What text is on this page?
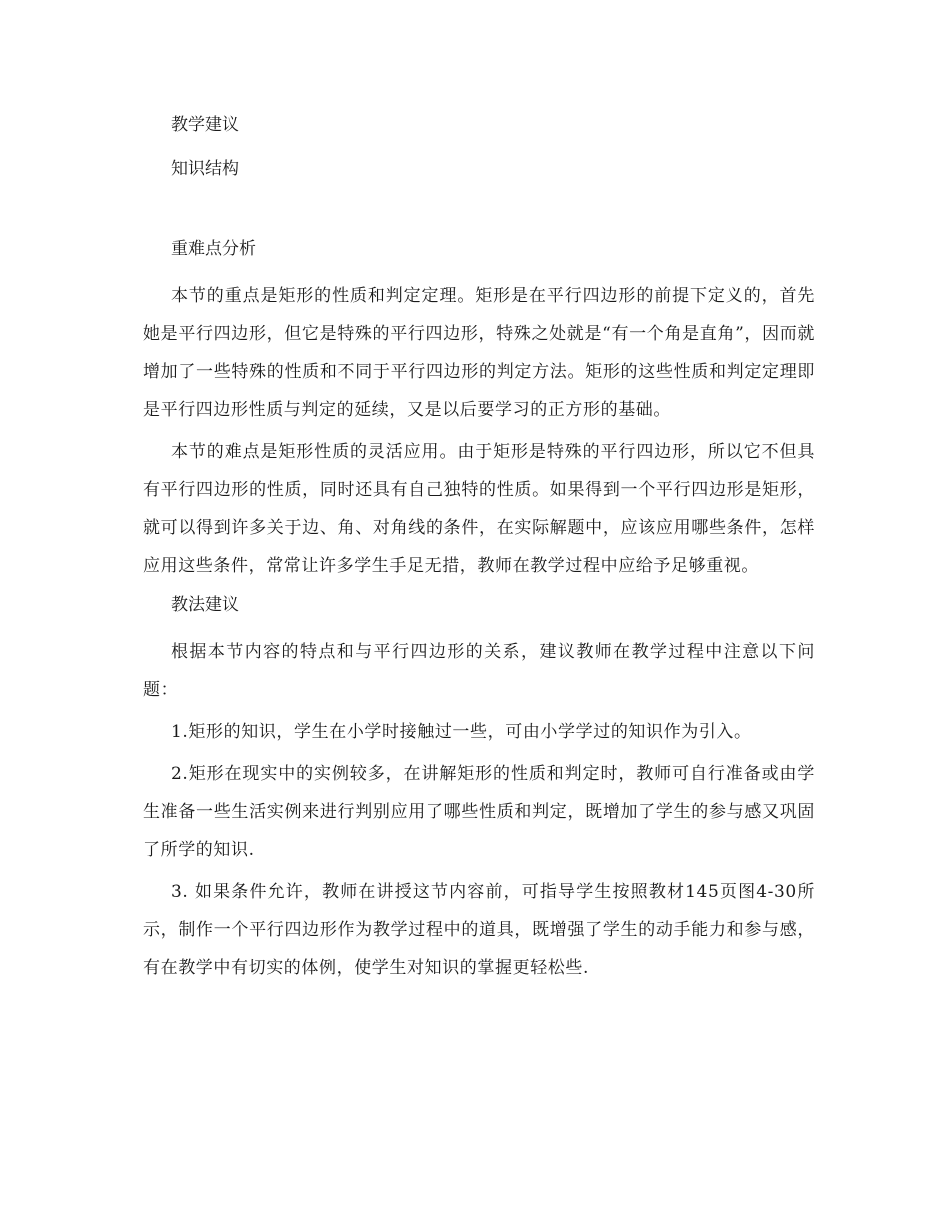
教学建议
知识结构
重难点分析

本节的重点是矩形的性质和判定定理。矩形是在平行四边形的前提下定义的，首先她是平行四边形，但它是特殊的平行四边形，特殊之处就是“有一个角是直角”，因而就增加了一些特殊的性质和不同于平行四边形的判定方法。矩形的这些性质和判定定理即是平行四边形性质与判定的延续，又是以后要学习的正方形的基础。

本节的难点是矩形性质的灵活应用。由于矩形是特殊的平行四边形，所以它不但具有平行四边形的性质，同时还具有自己独特的性质。如果得到一个平行四边形是矩形，就可以得到许多关于边、角、对角线的条件，在实际解题中，应该应用哪些条件，怎样应用这些条件，常常让许多学生手足无措，教师在教学过程中应给予足够重视。

教法建议

根据本节内容的特点和与平行四边形的关系，建议教师在教学过程中注意以下问题：

1.矩形的知识，学生在小学时接触过一些，可由小学学过的知识作为引入。

2.矩形在现实中的实例较多，在讲解矩形的性质和判定时，教师可自行准备或由学生准备一些生活实例来进行判别应用了哪些性质和判定，既增加了学生的参与感又巩固了所学的知识.

3. 如果条件允许，教师在讲授这节内容前，可指导学生按照教材145页图4-30所示，制作一个平行四边形作为教学过程中的道具，既增强了学生的动手能力和参与感，有在教学中有切实的体例，使学生对知识的掌握更轻松些.
